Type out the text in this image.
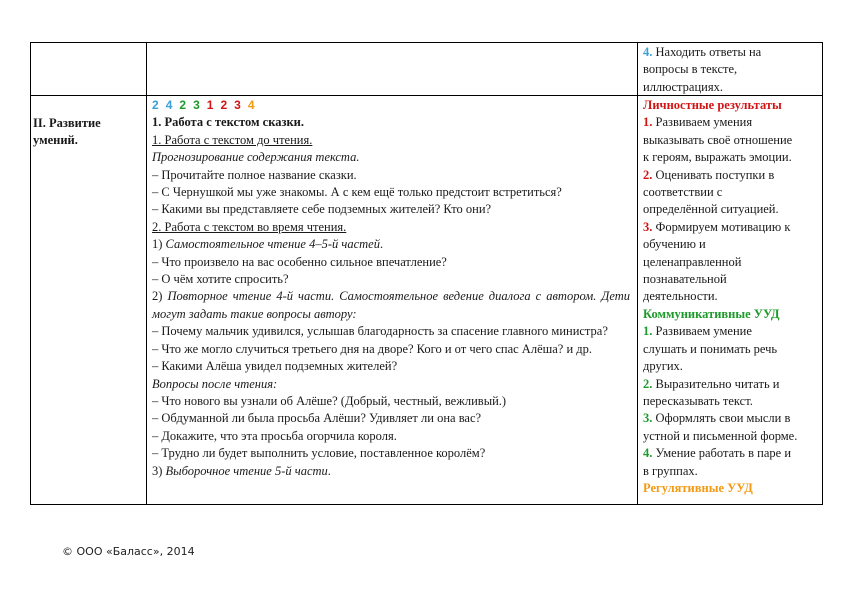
4. Находить ответы на
вопросы в тексте,
иллюстрациях.
II. Развитие
умений.
2 4 2 3 1 2 3 4
1. Работа с текстом сказки.
1. Работа с текстом до чтения.
Прогнозирование содержания текста.
– Прочитайте полное название сказки.
– С Чернушкой мы уже знакомы. А с кем ещё только предстоит встретиться?
– Какими вы представляете себе подземных жителей? Кто они?
2. Работа с текстом во время чтения.
1) Самостоятельное чтение 4–5-й частей.
– Что произвело на вас особенно сильное впечатление?
– О чём хотите спросить?
2) Повторное чтение 4-й части. Самостоятельное ведение диалога с автором. Дети могут задать такие вопросы автору:
– Почему мальчик удивился, услышав благодарность за спасение главного министра?
– Что же могло случиться третьего дня на дворе? Кого и от чего спас Алёша? и др.
– Какими Алёша увидел подземных жителей?
Вопросы после чтения:
– Что нового вы узнали об Алёше? (Добрый, честный, вежливый.)
– Обдуманной ли была просьба Алёши? Удивляет ли она вас?
– Докажите, что эта просьба огорчила короля.
– Трудно ли будет выполнить условие, поставленное королём?
3) Выборочное чтение 5-й части.
Личностные результаты
1. Развиваем умения
выказывать своё отношение
к героям, выражать эмоции.
2. Оценивать поступки в
соответствии с
определённой ситуацией.
3. Формируем мотивацию к
обучению и
целенаправленной
познавательной
деятельности.
Коммуникативные УУД
1. Развиваем умение
слушать и понимать речь
других.
2. Выразительно читать и
пересказывать текст.
3. Оформлять свои мысли в
устной и письменной форме.
4. Умение работать в паре и
в группах.
Регулятивные УУД
© ООО «Баласс», 2014
